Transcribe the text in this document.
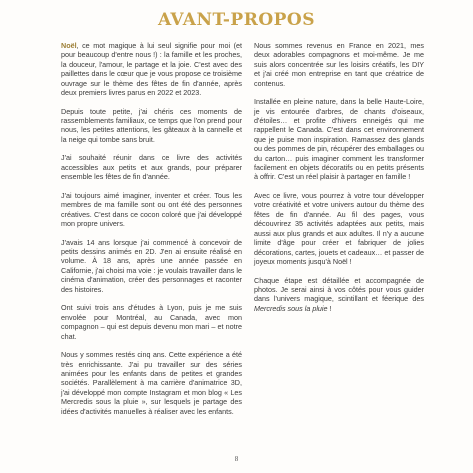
AVANT-PROPOS

Noël, ce mot magique à lui seul signifie pour moi (et pour beaucoup d'entre nous !) : la famille et les proches, la douceur, l'amour, le partage et la joie. C'est avec des paillettes dans le cœur que je vous propose ce troisième ouvrage sur le thème des fêtes de fin d'année, après deux premiers livres parus en 2022 et 2023.

Depuis toute petite, j'ai chéris ces moments de rassemblements familiaux, ce temps que l'on prend pour nous, les petites attentions, les gâteaux à la cannelle et la neige qui tombe sans bruit.

J'ai souhaité réunir dans ce livre des activités accessibles aux petits et aux grands, pour préparer ensemble les fêtes de fin d'année.

J'ai toujours aimé imaginer, inventer et créer. Tous les membres de ma famille sont ou ont été des personnes créatives. C'est dans ce cocon coloré que j'ai développé mon propre univers.

J'avais 14 ans lorsque j'ai commencé à concevoir de petits dessins animés en 2D. J'en ai ensuite réalisé en volume. À 18 ans, après une année passée en Californie, j'ai choisi ma voie : je voulais travailler dans le cinéma d'animation, créer des personnages et raconter des histoires.

Ont suivi trois ans d'études à Lyon, puis je me suis envolée pour Montréal, au Canada, avec mon compagnon – qui est depuis devenu mon mari – et notre chat.

Nous y sommes restés cinq ans. Cette expérience a été très enrichissante. J'ai pu travailler sur des séries animées pour les enfants dans de petites et grandes sociétés. Parallèlement à ma carrière d'animatrice 3D, j'ai développé mon compte Instagram et mon blog « Les Mercredis sous la pluie », sur lesquels je partage des idées d'activités manuelles à réaliser avec les enfants.

Nous sommes revenus en France en 2021, mes deux adorables compagnons et moi-même. Je me suis alors concentrée sur les loisirs créatifs, les DIY et j'ai créé mon entreprise en tant que créatrice de contenus.

Installée en pleine nature, dans la belle Haute-Loire, je vis entourée d'arbres, de chants d'oiseaux, d'étoiles… et profite d'hivers enneigés qui me rappellent le Canada. C'est dans cet environnement que je puise mon inspiration. Ramassez des glands ou des pommes de pin, récupérer des emballages ou du carton… puis imaginer comment les transformer facilement en objets décoratifs ou en petits présents à offrir. C'est un réel plaisir à partager en famille !

Avec ce livre, vous pourrez à votre tour développer votre créativité et votre univers autour du thème des fêtes de fin d'année. Au fil des pages, vous découvrirez 35 activités adaptées aux petits, mais aussi aux plus grands et aux adultes. Il n'y a aucune limite d'âge pour créer et fabriquer de jolies décorations, cartes, jouets et cadeaux… et passer de joyeux moments jusqu'à Noël !

Chaque étape est détaillée et accompagnée de photos. Je serai ainsi à vos côtés pour vous guider dans l'univers magique, scintillant et féerique des Mercredis sous la pluie !

8
